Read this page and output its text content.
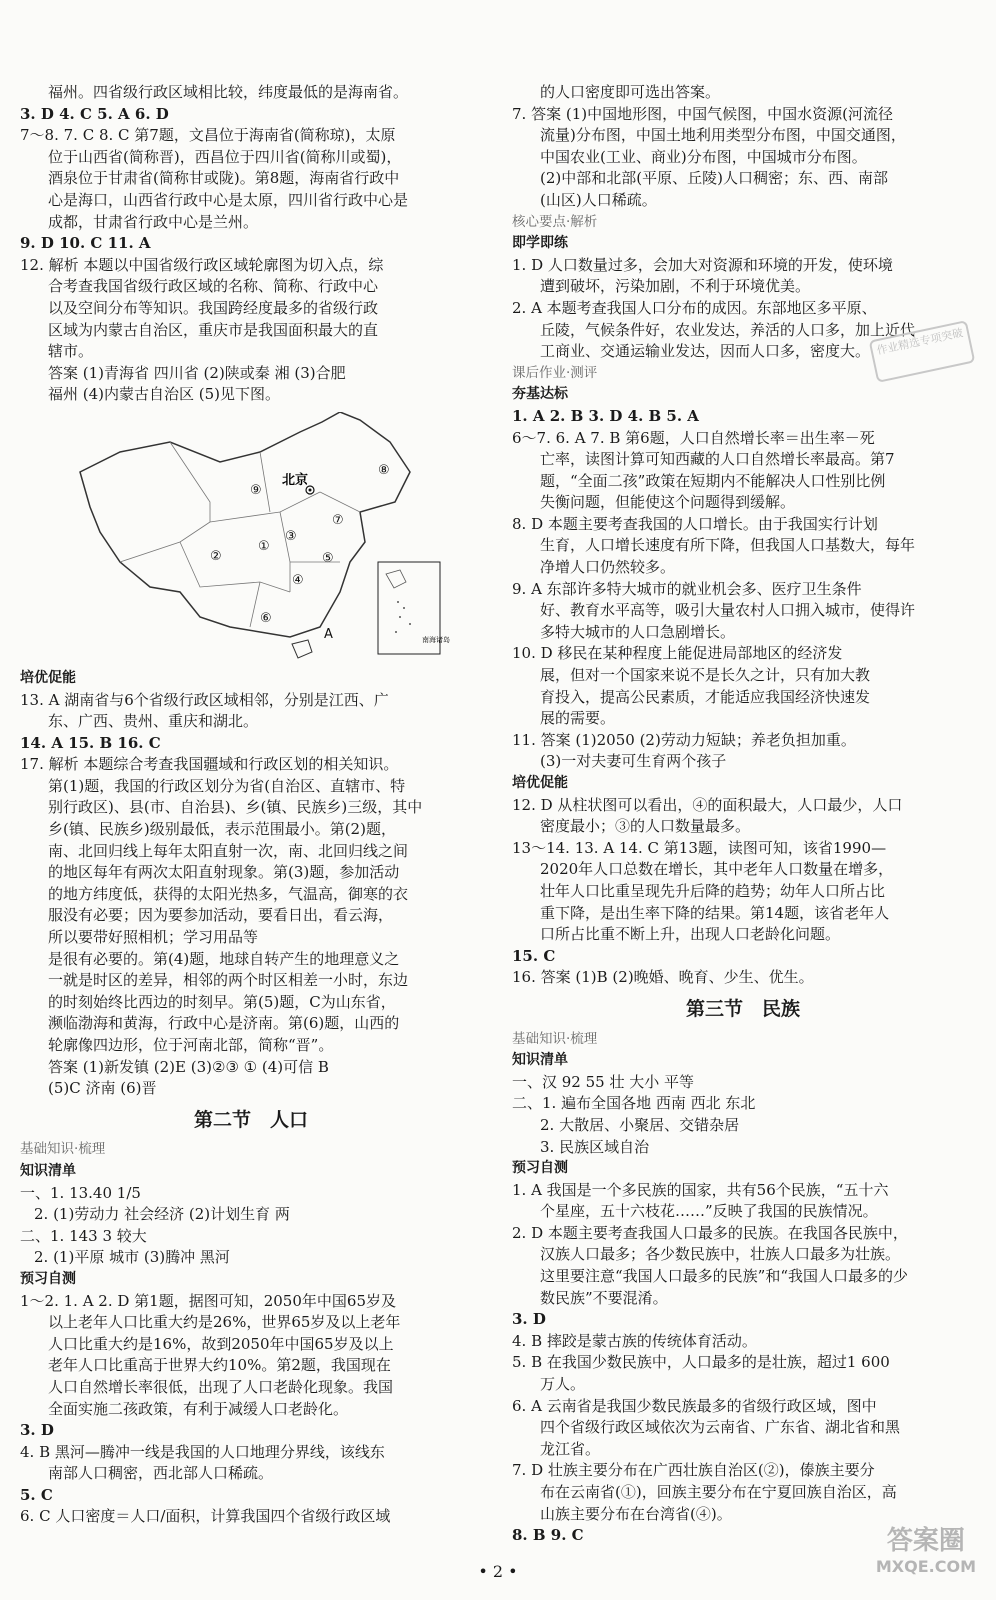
福州。四省级行政区域相比较，纬度最低的是海南省。
3. D 4. C 5. A 6. D
7～8. 7. C 8. C 第7题，文昌位于海南省(简称琼)，太原
位于山西省(简称晋)，西昌位于四川省(简称川或蜀)，
酒泉位于甘肃省(简称甘或陇)。第8题，海南省行政中
心是海口，山西省行政中心是太原，四川省行政中心是
成都，甘肃省行政中心是兰州。
9. D 10. C 11. A
12. 解析 本题以中国省级行政区域轮廓图为切入点，综
合考查我国省级行政区域的名称、简称、行政中心
以及空间分布等知识。我国跨经度最多的省级行政
区域为内蒙古自治区，重庆市是我国面积最大的直
辖市。
答案 (1)青海省 四川省 (2)陕或秦 湘 (3)合肥
福州 (4)内蒙古自治区 (5)见下图。
北京
①
②
③
④
⑤
⑥
⑦
⑧
⑨
A	南海诸岛
培优促能
13. A 湖南省与6个省级行政区域相邻，分别是江西、广
东、广西、贵州、重庆和湖北。
14. A 15. B 16. C
17. 解析 本题综合考查我国疆域和行政区划的相关知识。
第(1)题，我国的行政区划分为省(自治区、直辖市、特
别行政区)、县(市、自治县)、乡(镇、民族乡)三级，其中
乡(镇、民族乡)级别最低，表示范围最小。第(2)题，
南、北回归线上每年太阳直射一次，南、北回归线之间
的地区每年有两次太阳直射现象。第(3)题，参加活动
的地方纬度低，获得的太阳光热多，气温高，御寒的衣
服没有必要；因为要参加活动，要看日出，看云海，
所以要带好照相机；学习用品等
是很有必要的。第(4)题，地球自转产生的地理意义之
一就是时区的差异，相邻的两个时区相差一小时，东边
的时刻始终比西边的时刻早。第(5)题，C为山东省，
濒临渤海和黄海，行政中心是济南。第(6)题，山西的
轮廓像四边形，位于河南北部，简称“晋”。
答案 (1)新发镇 (2)E (3)②③ ① (4)可信 B
(5)C 济南 (6)晋
第二节　人口
基础知识·梳理
知识清单
一、1. 13.40 1/5
2. (1)劳动力 社会经济 (2)计划生育 两
二、1. 143 3 较大
2. (1)平原 城市 (3)腾冲 黑河
预习自测
1～2. 1. A 2. D 第1题，据图可知，2050年中国65岁及
以上老年人口比重大约是26%，世界65岁及以上老年
人口比重大约是16%，故到2050年中国65岁及以上
老年人口比重高于世界大约10%。第2题，我国现在
人口自然增长率很低，出现了人口老龄化现象。我国
全面实施二孩政策，有利于减缓人口老龄化。
3. D
4. B 黑河—腾冲一线是我国的人口地理分界线，该线东
南部人口稠密，西北部人口稀疏。
5. C
6. C 人口密度＝人口/面积，计算我国四个省级行政区域
的人口密度即可选出答案。
7. 答案 (1)中国地形图，中国气候图，中国水资源(河流径
流量)分布图，中国土地利用类型分布图，中国交通图，
中国农业(工业、商业)分布图，中国城市分布图。
(2)中部和北部(平原、丘陵)人口稠密；东、西、南部
(山区)人口稀疏。
核心要点·解析
即学即练
1. D 人口数量过多，会加大对资源和环境的开发，使环境
遭到破坏，污染加剧，不利于环境优美。
2. A 本题考查我国人口分布的成因。东部地区多平原、
丘陵，气候条件好，农业发达，养活的人口多，加上近代
工商业、交通运输业发达，因而人口多，密度大。
课后作业·测评
夯基达标
1. A 2. B 3. D 4. B 5. A
6～7. 6. A 7. B 第6题，人口自然增长率＝出生率－死
亡率，读图计算可知西藏的人口自然增长率最高。第7
题，“全面二孩”政策在短期内不能解决人口性别比例
失衡问题，但能使这个问题得到缓解。
8. D 本题主要考查我国的人口增长。由于我国实行计划
生育，人口增长速度有所下降，但我国人口基数大，每年
净增人口仍然较多。
9. A 东部许多特大城市的就业机会多、医疗卫生条件
好、教育水平高等，吸引大量农村人口拥入城市，使得许
多特大城市的人口急剧增长。
10. D 移民在某种程度上能促进局部地区的经济发
展，但对一个国家来说不是长久之计，只有加大教
育投入，提高公民素质，才能适应我国经济快速发
展的需要。
11. 答案 (1)2050 (2)劳动力短缺；养老负担加重。
(3)一对夫妻可生育两个孩子
培优促能
12. D 从柱状图可以看出，④的面积最大，人口最少，人口
密度最小；③的人口数量最多。
13～14. 13. A 14. C 第13题，读图可知，该省1990—
2020年人口总数在增长，其中老年人口数量在增多，
壮年人口比重呈现先升后降的趋势；幼年人口所占比
重下降，是出生率下降的结果。第14题，该省老年人
口所占比重不断上升，出现人口老龄化问题。
15. C
16. 答案 (1)B (2)晚婚、晚育、少生、优生。
第三节　民族
基础知识·梳理
知识清单
一、汉 92 55 壮 大小 平等
二、1. 遍布全国各地 西南 西北 东北
2. 大散居、小聚居、交错杂居
3. 民族区域自治
预习自测
1. A 我国是一个多民族的国家，共有56个民族，“五十六
个星座，五十六枝花……”反映了我国的民族情况。
2. D 本题主要考查我国人口最多的民族。在我国各民族中，
汉族人口最多；各少数民族中，壮族人口最多为壮族。
这里要注意“我国人口最多的民族”和“我国人口最多的少
数民族”不要混淆。
3. D
4. B 摔跤是蒙古族的传统体育活动。
5. B 在我国少数民族中，人口最多的是壮族，超过1 600
万人。
6. A 云南省是我国少数民族最多的省级行政区域，图中
四个省级行政区域依次为云南省、广东省、湖北省和黑
龙江省。
7. D 壮族主要分布在广西壮族自治区(②)，傣族主要分
布在云南省(①)，回族主要分布在宁夏回族自治区，高
山族主要分布在台湾省(④)。
8. B 9. C
作业精选专项突破
• 2 •
答案圈
MXQE.COM
